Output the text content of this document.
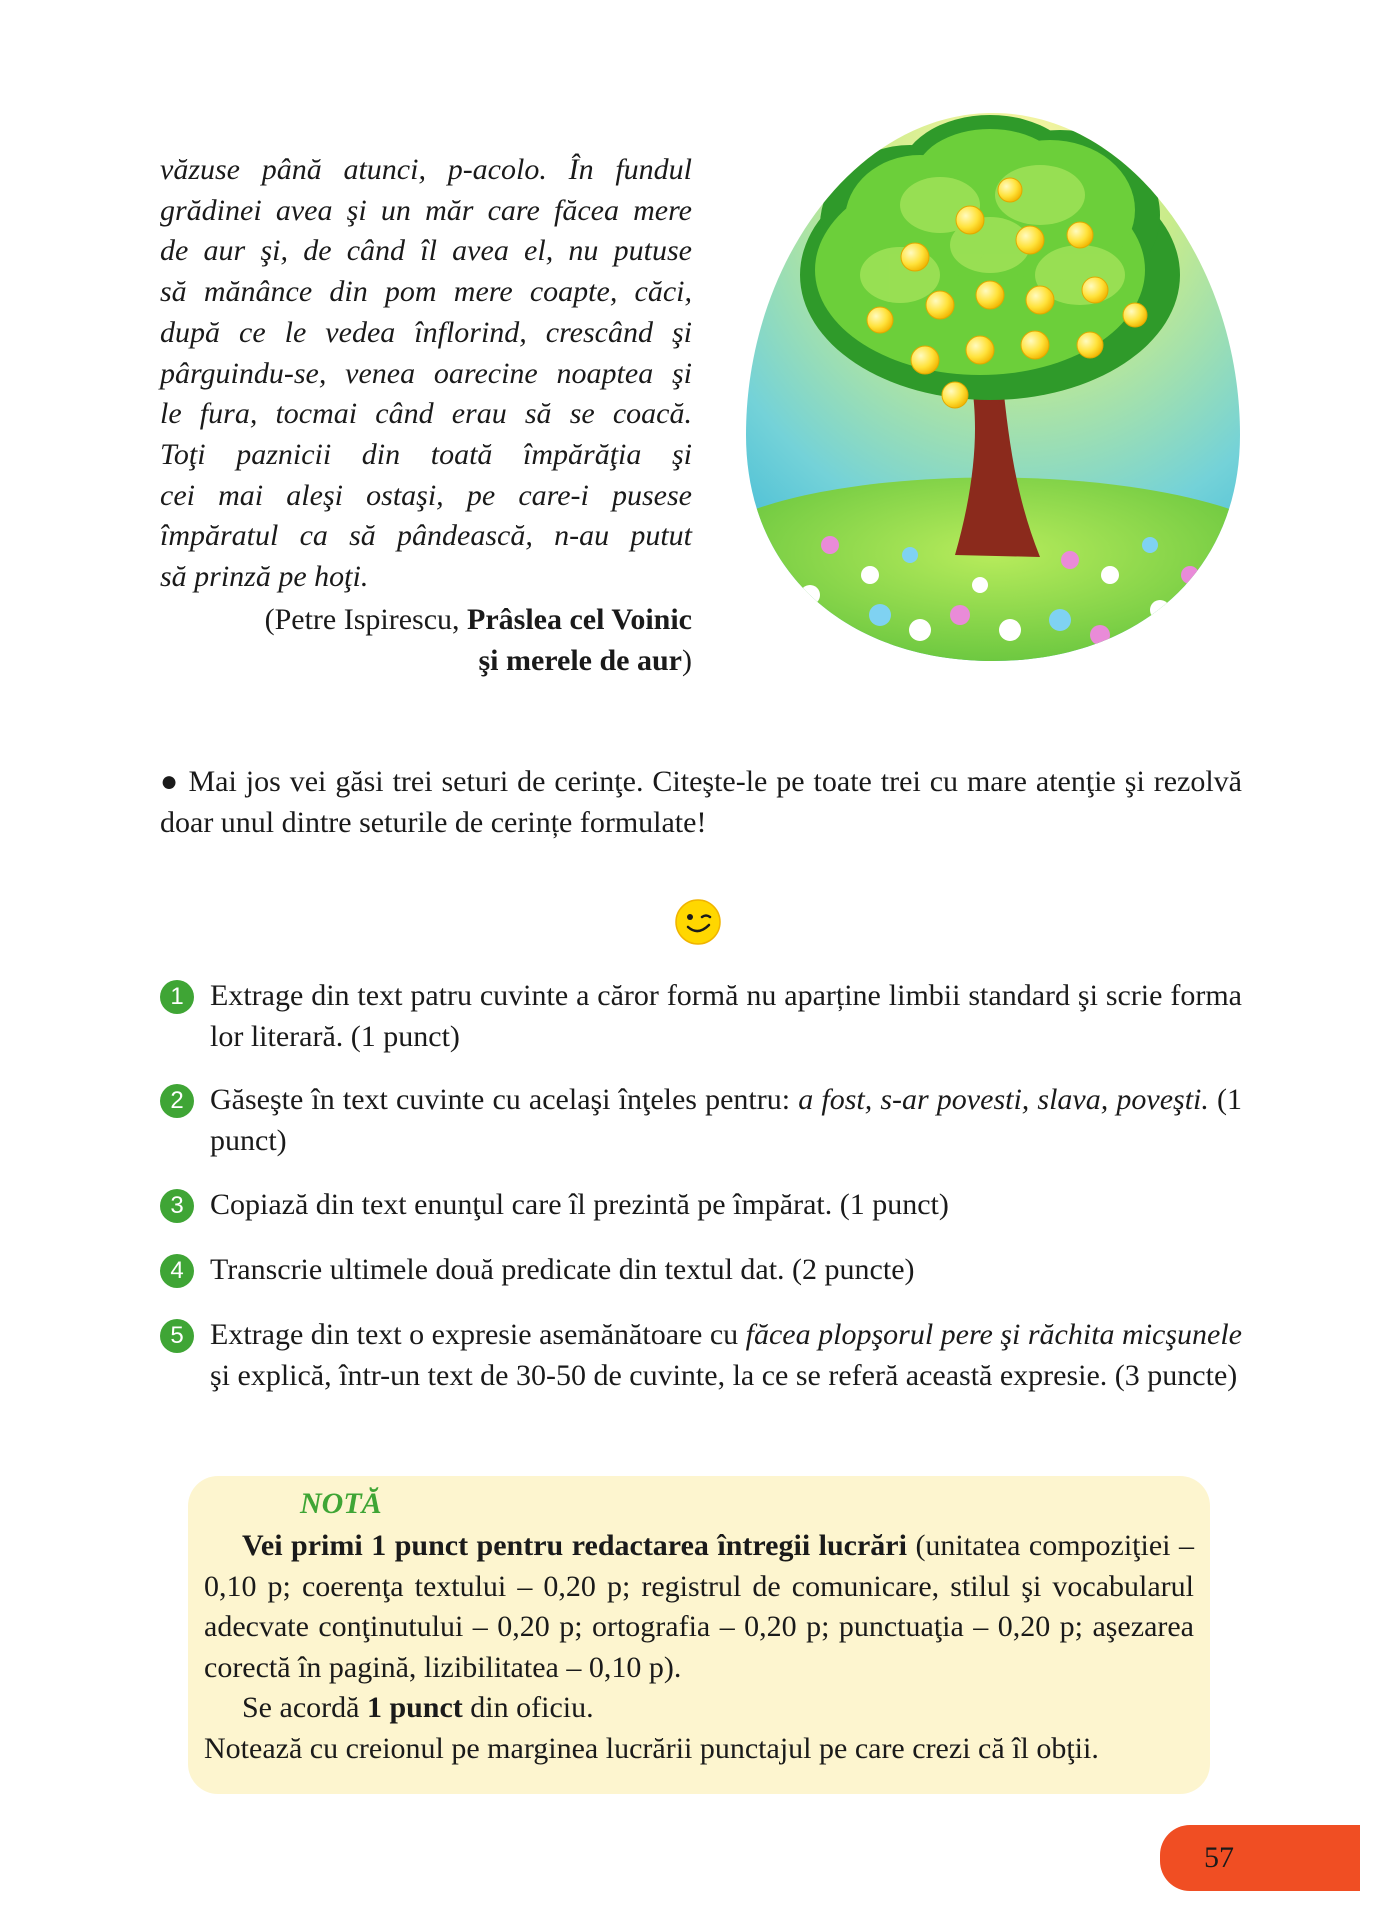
văzuse până atunci, p-acolo. În fundul
grădinei avea şi un măr care făcea mere
de aur şi, de când îl avea el, nu putuse
să mănânce din pom mere coapte, căci,
după ce le vedea înflorind, crescând şi
pârguindu-se, venea oarecine noaptea şi
le fura, tocmai când erau să se coacă.
Toţi paznicii din toată împărăţia şi
cei mai aleşi ostaşi, pe care-i pusese
împăratul ca să pândească, n-au putut
să prinză pe hoţi.
(Petre Ispirescu, Prâslea cel Voinic
şi merele de aur)
● Mai jos vei găsi trei seturi de cerinţe. Citeşte-le pe toate trei cu mare atenţie şi rezolvă doar unul dintre seturile de cerințe formulate!
1 Extrage din text patru cuvinte a căror formă nu aparține limbii standard şi scrie forma lor literară. (1 punct)
2 Găseşte în text cuvinte cu acelaşi înţeles pentru: a fost, s-ar povesti, slava, poveşti. (1 punct)
3 Copiază din text enunţul care îl prezintă pe împărat. (1 punct)
4 Transcrie ultimele două predicate din textul dat. (2 puncte)
5 Extrage din text o expresie asemănătoare cu făcea plopşorul pere şi răchita micşunele şi explică, într-un text de 30-50 de cuvinte, la ce se referă această expresie. (3 puncte)
NOTĂ

Vei primi 1 punct pentru redactarea întregii lucrări (unitatea compoziţiei – 0,10 p; coerenţa textului – 0,20 p; registrul de comunicare, stilul şi vocabularul adecvate conţinutului – 0,20 p; ortografia – 0,20 p; punctuaţia – 0,20 p; aşezarea corectă în pagină, lizibilitatea – 0,10 p).

Se acordă 1 punct din oficiu.

Notează cu creionul pe marginea lucrării punctajul pe care crezi că îl obţii.

57
